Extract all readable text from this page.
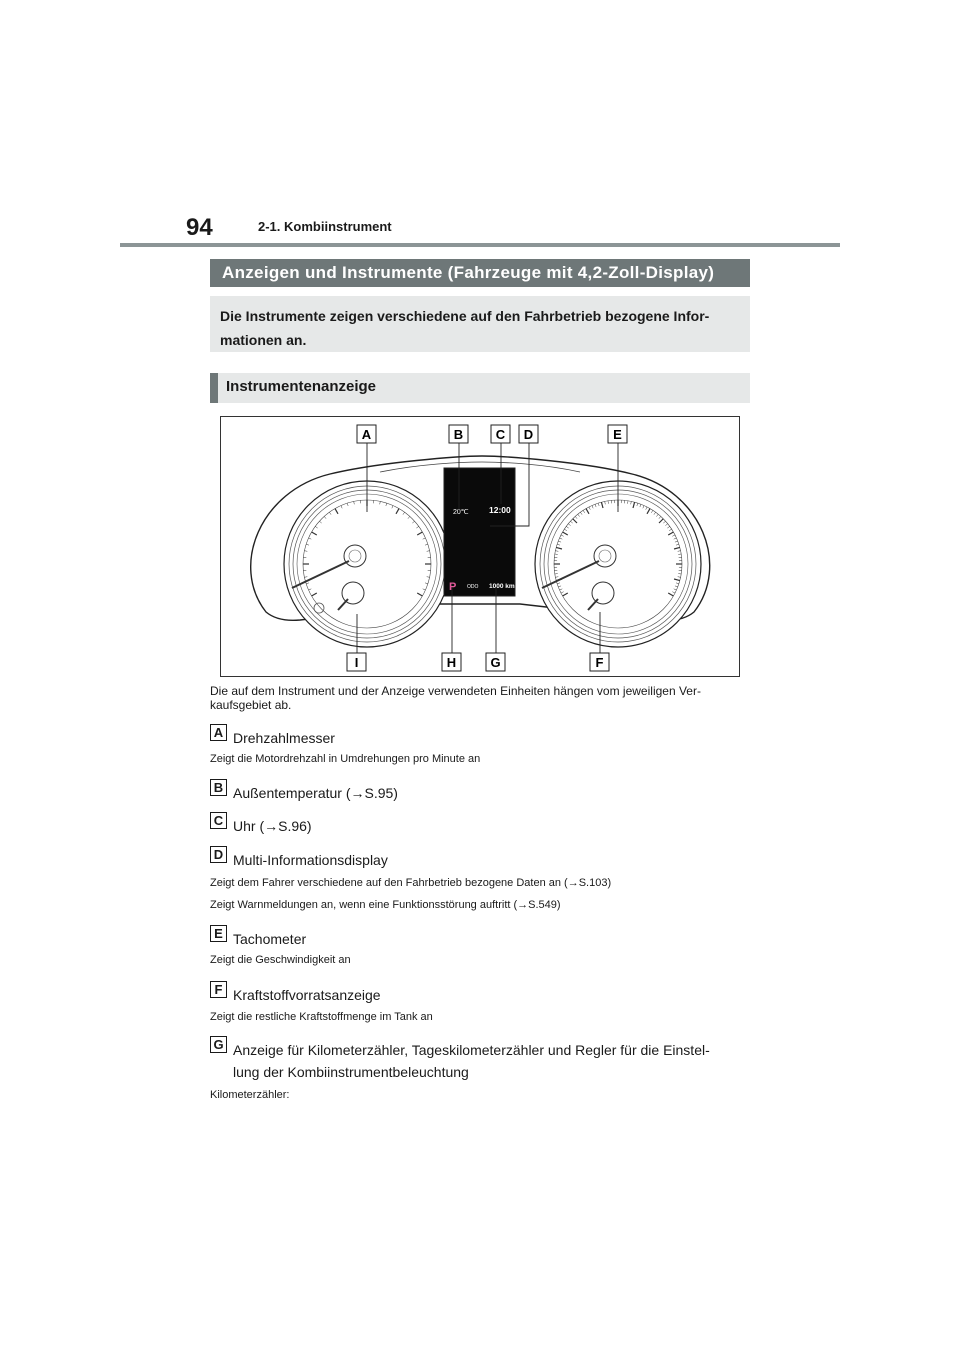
94	2-1. Kombiinstrument
Anzeigen und Instrumente (Fahrzeuge mit 4,2-Zoll-Display)
Die Instrumente zeigen verschiedene auf den Fahrbetrieb bezogene Infor-
mationen an.
Instrumentenanzeige
20℃ 12:00
P ODO 1000 km
A	B	C D	E
I	H	G	F
Die auf dem Instrument und der Anzeige verwendeten Einheiten hängen vom jeweiligen Ver-
kaufsgebiet ab.
A Drehzahlmesser
Zeigt die Motordrehzahl in Umdrehungen pro Minute an
B Außentemperatur (→S.95)
C Uhr (→S.96)
D Multi-Informationsdisplay
Zeigt dem Fahrer verschiedene auf den Fahrbetrieb bezogene Daten an (→S.103)
Zeigt Warnmeldungen an, wenn eine Funktionsstörung auftritt (→S.549)
E Tachometer
Zeigt die Geschwindigkeit an
F Kraftstoffvorratsanzeige
Zeigt die restliche Kraftstoffmenge im Tank an
G Anzeige für Kilometerzähler, Tageskilometerzähler und Regler für die Einstel-
lung der Kombiinstrumentbeleuchtung
Kilometerzähler:
